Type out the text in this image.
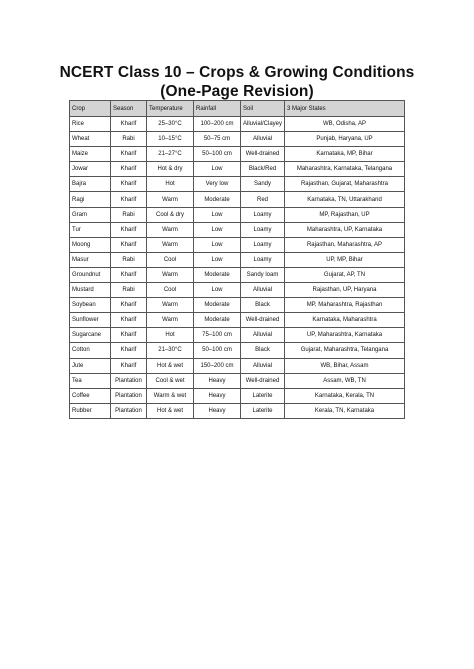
NCERT Class 10 – Crops & Growing Conditions
(One-Page Revision)
Crop	Season	Temperature	Rainfall	Soil	3 Major States
Rice	Kharif	25–30°C	100–200 cm	Alluvial/Clayey	WB, Odisha, AP
Wheat	Rabi	10–15°C	50–75 cm	Alluvial	Punjab, Haryana, UP
Maize	Kharif	21–27°C	50–100 cm	Well-drained	Karnataka, MP, Bihar
Jowar	Kharif	Hot & dry	Low	Black/Red	Maharashtra, Karnataka, Telangana
Bajra	Kharif	Hot	Very low	Sandy	Rajasthan, Gujarat, Maharashtra
Ragi	Kharif	Warm	Moderate	Red	Karnataka, TN, Uttarakhand
Gram	Rabi	Cool & dry	Low	Loamy	MP, Rajasthan, UP
Tur	Kharif	Warm	Low	Loamy	Maharashtra, UP, Karnataka
Moong	Kharif	Warm	Low	Loamy	Rajasthan, Maharashtra, AP
Masur	Rabi	Cool	Low	Loamy	UP, MP, Bihar
Groundnut	Kharif	Warm	Moderate	Sandy loam	Gujarat, AP, TN
Mustard	Rabi	Cool	Low	Alluvial	Rajasthan, UP, Haryana
Soybean	Kharif	Warm	Moderate	Black	MP, Maharashtra, Rajasthan
Sunflower	Kharif	Warm	Moderate	Well-drained	Karnataka, Maharashtra
Sugarcane	Kharif	Hot	75–100 cm	Alluvial	UP, Maharashtra, Karnataka
Cotton	Kharif	21–30°C	50–100 cm	Black	Gujarat, Maharashtra, Telangana
Jute	Kharif	Hot & wet	150–200 cm	Alluvial	WB, Bihar, Assam
Tea	Plantation	Cool & wet	Heavy	Well-drained	Assam, WB, TN
Coffee	Plantation	Warm & wet	Heavy	Laterite	Karnataka, Kerala, TN
Rubber	Plantation	Hot & wet	Heavy	Laterite	Kerala, TN, Karnataka
